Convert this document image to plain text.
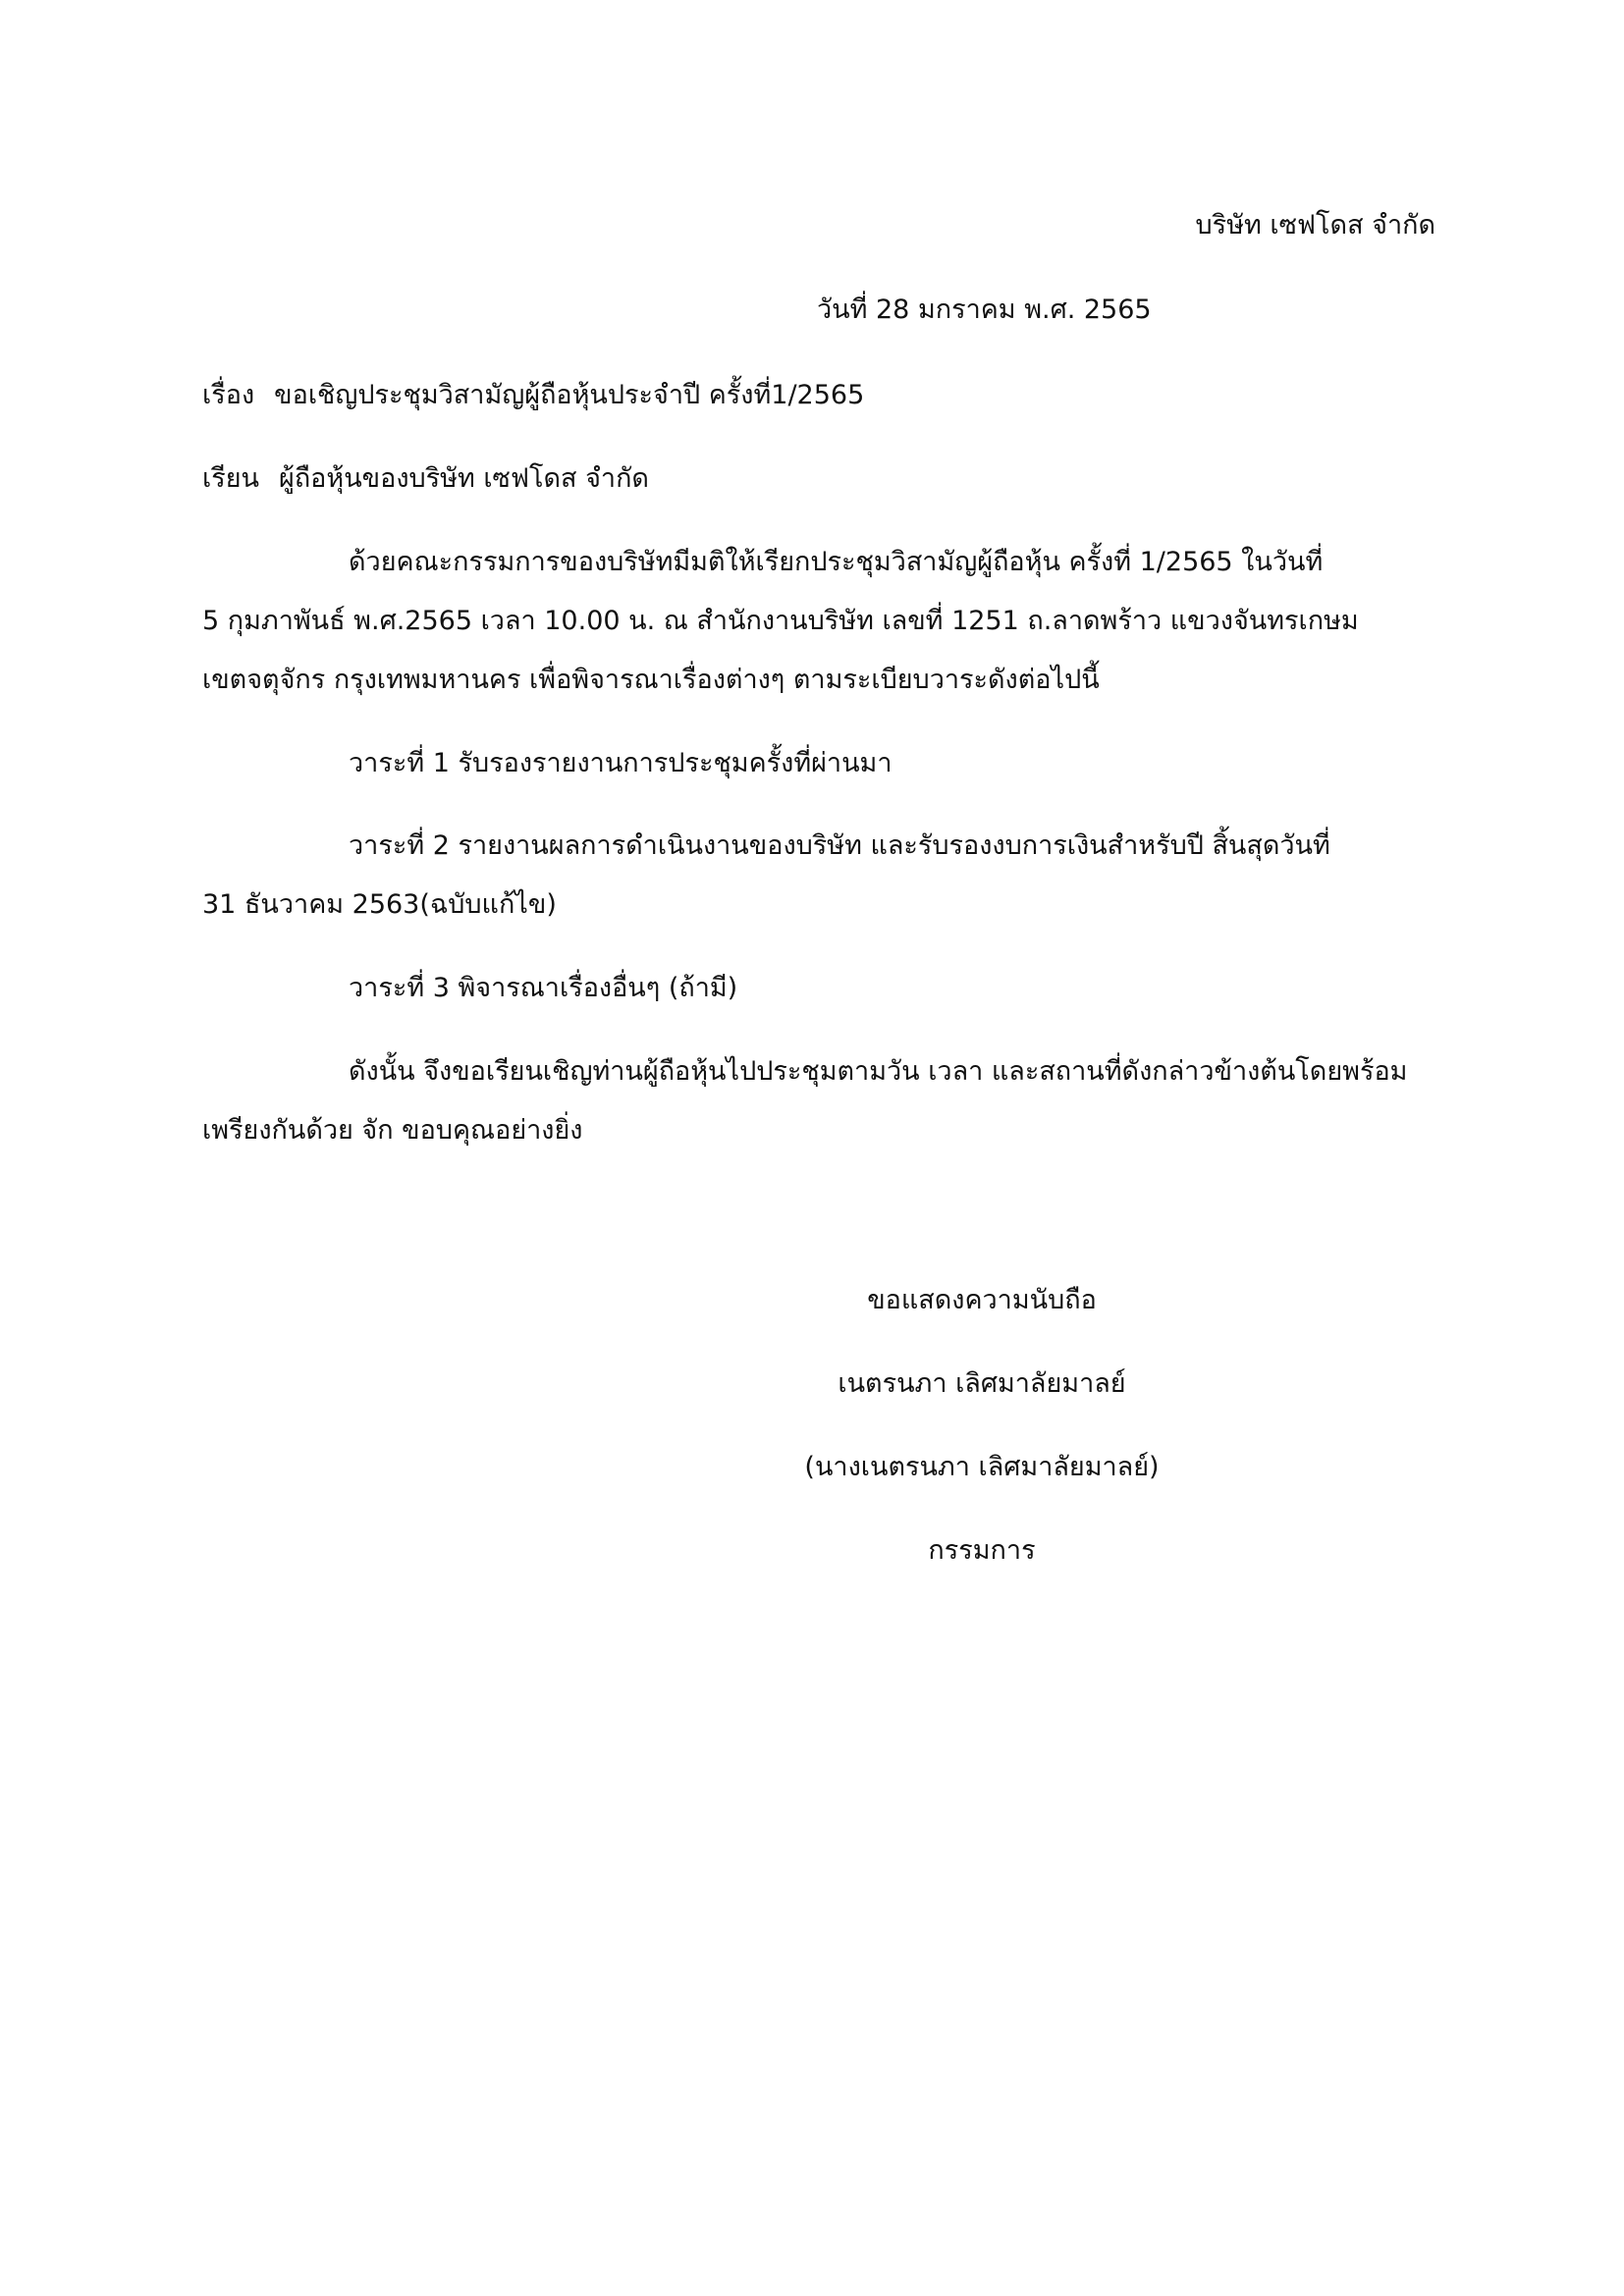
บริษัท เซฟโดส จำกัด
วันที่ 28 มกราคม พ.ศ. 2565
เรื่อง ขอเชิญประชุมวิสามัญผู้ถือหุ้นประจำปี ครั้งที่1/2565
เรียน ผู้ถือหุ้นของบริษัท เซฟโดส จำกัด
ด้วยคณะกรรมการของบริษัทมีมติให้เรียกประชุมวิสามัญผู้ถือหุ้น ครั้งที่ 1/2565 ในวันที่
5 กุมภาพันธ์ พ.ศ.2565 เวลา 10.00 น. ณ สำนักงานบริษัท เลขที่ 1251 ถ.ลาดพร้าว แขวงจันทรเกษม
เขตจตุจักร กรุงเทพมหานคร เพื่อพิจารณาเรื่องต่างๆ ตามระเบียบวาระดังต่อไปนี้
วาระที่ 1 รับรองรายงานการประชุมครั้งที่ผ่านมา
วาระที่ 2 รายงานผลการดำเนินงานของบริษัท และรับรองงบการเงินสำหรับปี สิ้นสุดวันที่
31 ธันวาคม 2563(ฉบับแก้ไข)
วาระที่ 3 พิจารณาเรื่องอื่นๆ (ถ้ามี)
ดังนั้น จึงขอเรียนเชิญท่านผู้ถือหุ้นไปประชุมตามวัน เวลา และสถานที่ดังกล่าวข้างต้นโดยพร้อม
เพรียงกันด้วย จัก ขอบคุณอย่างยิ่ง
ขอแสดงความนับถือ
เนตรนภา เลิศมาลัยมาลย์
(นางเนตรนภา เลิศมาลัยมาลย์)
กรรมการ
